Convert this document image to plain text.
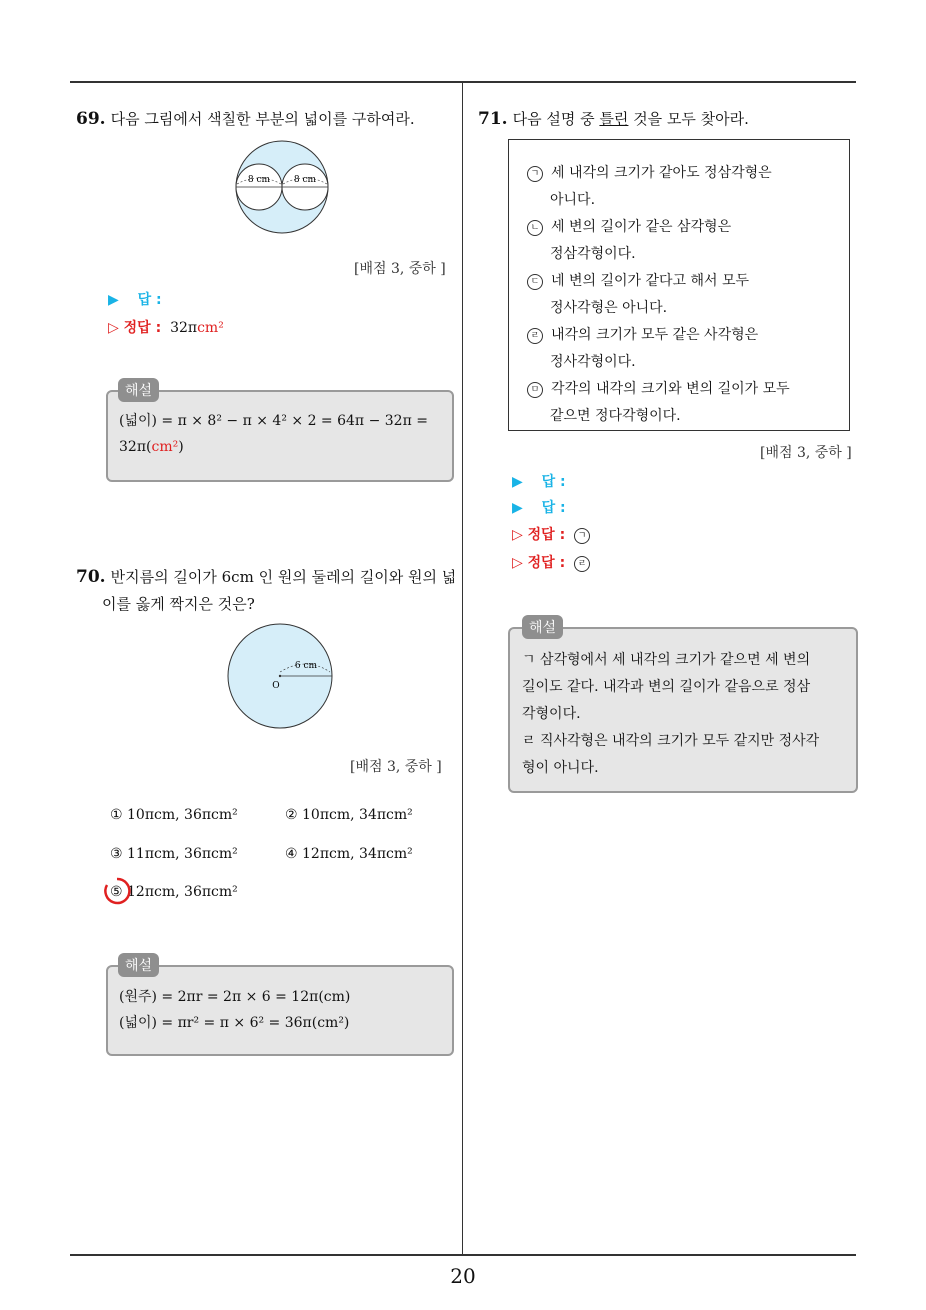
69. 다음 그림에서 색칠한 부분의 넓이를 구하여라.
8 cm	8 cm
[배점 3, 중하 ]
▶ 답 :
▷ 정답 : 32πcm²
(넓이) = π × 8² − π × 4² × 2 = 64π − 32π =
32π(cm²)
해설
70. 반지름의 길이가 6cm 인 원의 둘레의 길이와 원의 넓
이를 옳게 짝지은 것은?
6 cm
O
[배점 3, 중하 ]
① 10πcm, 36πcm²	② 10πcm, 34πcm²
③ 11πcm, 36πcm²	④ 12πcm, 34πcm²
⑤ 12πcm, 36πcm²
(원주) = 2πr = 2π × 6 = 12π(cm)
(넓이) = πr² = π × 6² = 36π(cm²)
해설
71. 다음 설명 중 틀린 것을 모두 찾아라.
ㄱ 세 내각의 크기가 같아도 정삼각형은
아니다.
ㄴ 세 변의 길이가 같은 삼각형은
정삼각형이다.
ㄷ 네 변의 길이가 같다고 해서 모두
정사각형은 아니다.
ㄹ 내각의 크기가 모두 같은 사각형은
정사각형이다.
ㅁ 각각의 내각의 크기와 변의 길이가 모두
같으면 정다각형이다.
[배점 3, 중하 ]
▶ 답 :
▶ 답 :
▷ 정답 : ㄱ
▷ 정답 : ㄹ
ㄱ 삼각형에서 세 내각의 크기가 같으면 세 변의
길이도 같다. 내각과 변의 길이가 같음으로 정삼
각형이다.
ㄹ 직사각형은 내각의 크기가 모두 같지만 정사각
형이 아니다.
해설
20
